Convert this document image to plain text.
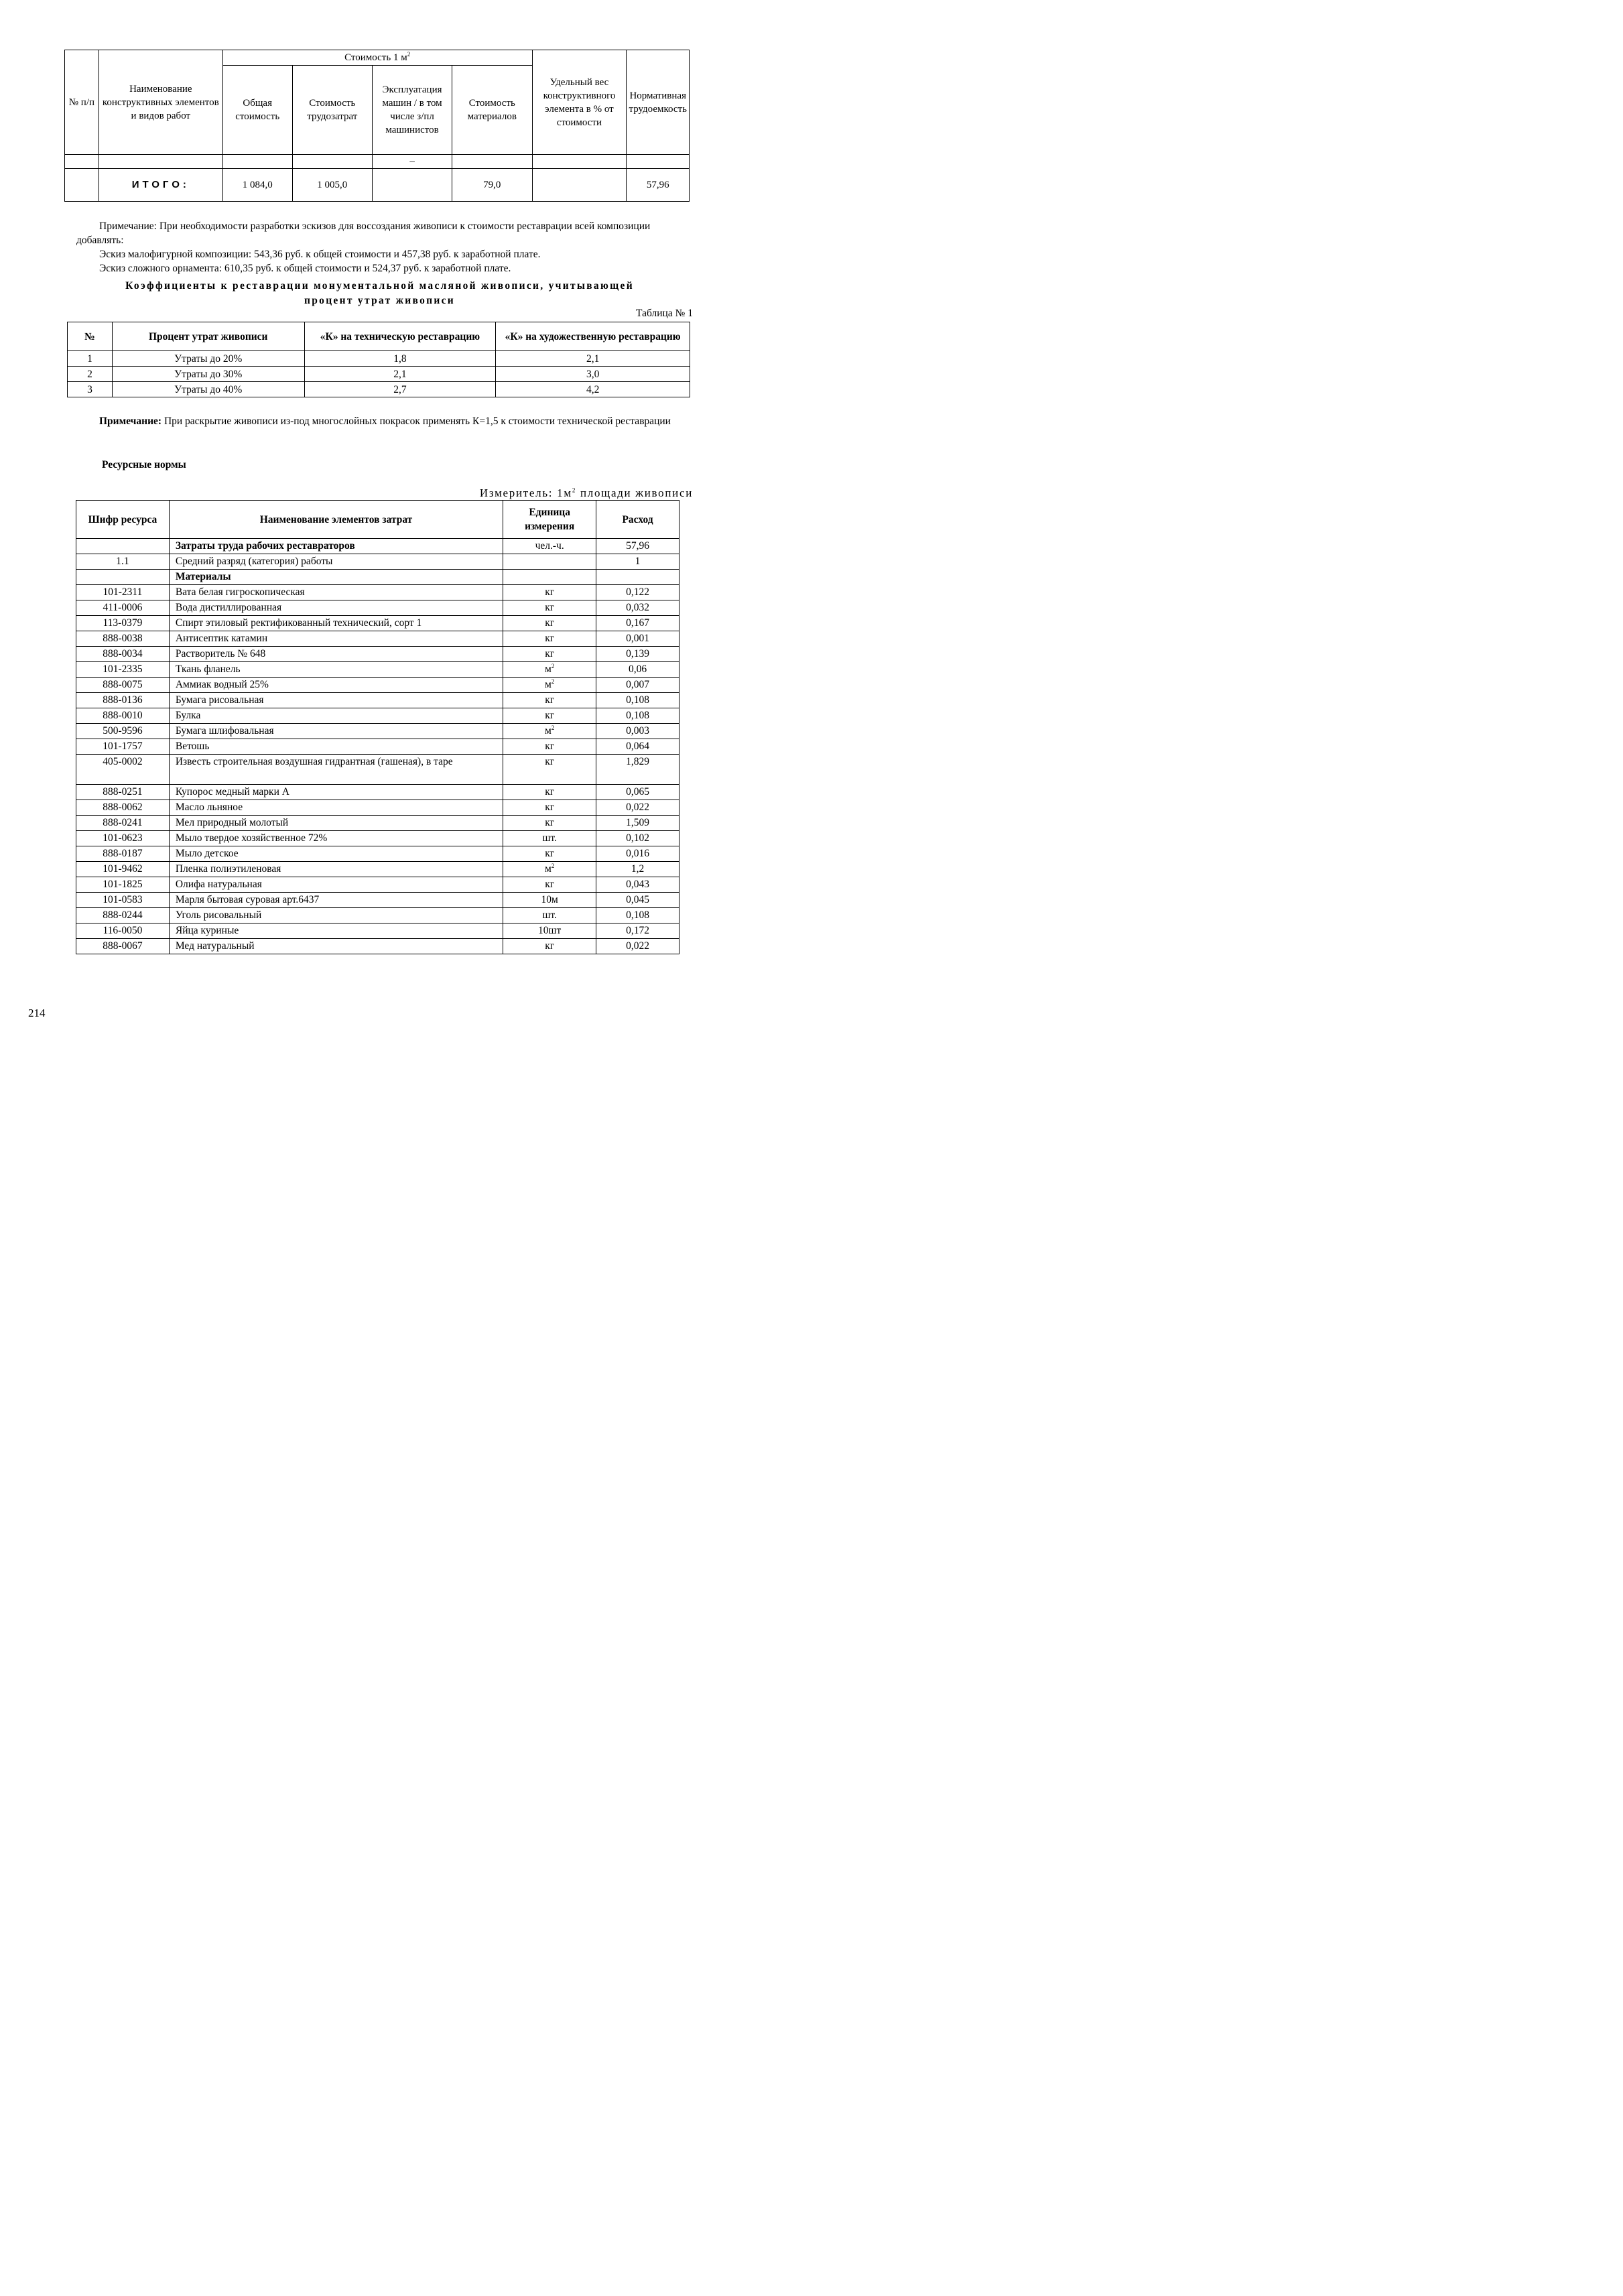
№ п/п	Наименование конструктивных элементов и видов работ	Стоимость 1 $м^2$				Удельный вес конструктивного элемента в % от стоимости	Нормативная трудоемкость
		Общая стоимость	Стоимость трудозатрат	Эксплуатация машин / в том числе з/пл машинистов	Стоимость материалов		
				–			
	ИТОГО:	1 084,0	1 005,0		79,0		57,96

Примечание: При необходимости разработки эскизов для воссоздания живописи к стоимости реставрации всей композиции добавлять:

Эскиз малофигурной композиции: 543,36 руб. к общей стоимости и 457,38 руб. к заработной плате.

Эскиз сложного орнамента: 610,35 руб. к общей стоимости и 524,37 руб. к заработной плате.

Коэффициенты к реставрации монументальной масляной живописи, учитывающей

процент утрат живописи

Таблица № 1
№	Процент утрат живописи	«К» на техническую реставрацию	«К» на художественную реставрацию
1	Утраты до 20%	1,8	2,1
2	Утраты до 30%	2,1	3,0
3	Утраты до 40%	2,7	4,2

Примечание: При раскрытие живописи из-под многослойных покрасок применять К=1,5 к стоимости технической реставрации

Ресурсные нормы

Измеритель: $1м^2$ площади живописи
Шифр ресурса	Наименование элементов затрат	Единица измерения	Расход
	Затраты труда рабочих реставраторов	чел.-ч.	57,96
1.1	Средний разряд (категория) работы		1
	Материалы		
101-2311	Вата белая гигроскопическая	кг	0,122
411-0006	Вода дистиллированная	кг	0,032
113-0379	Спирт этиловый ректификованный технический, сорт 1	кг	0,167
888-0038	Антисептик катамин	кг	0,001
888-0034	Растворитель № 648	кг	0,139
101-2335	Ткань фланель	$м^2$	0,06
888-0075	Аммиак водный 25%	$м^2$	0,007
888-0136	Бумага рисовальная	кг	0,108
888-0010	Булка	кг	0,108
500-9596	Бумага шлифовальная	$м^2$	0,003
101-1757	Ветошь	кг	0,064
405-0002	Известь строительная воздушная гидрантная (гашеная), в таре	кг	1,829
888-0251	Купорос медный марки А	кг	0,065
888-0062	Масло льняное	кг	0,022
888-0241	Мел природный молотый	кг	1,509
101-0623	Мыло твердое хозяйственное 72%	шт.	0,102
888-0187	Мыло детское	кг	0,016
101-9462	Пленка полиэтиленовая	$м^2$	1,2
101-1825	Олифа натуральная	кг	0,043
101-0583	Марля бытовая суровая арт.6437	10м	0,045
888-0244	Уголь рисовальный	шт.	0,108
116-0050	Яйца куриные	10шт	0,172
888-0067	Мед натуральный	кг	0,022
214
